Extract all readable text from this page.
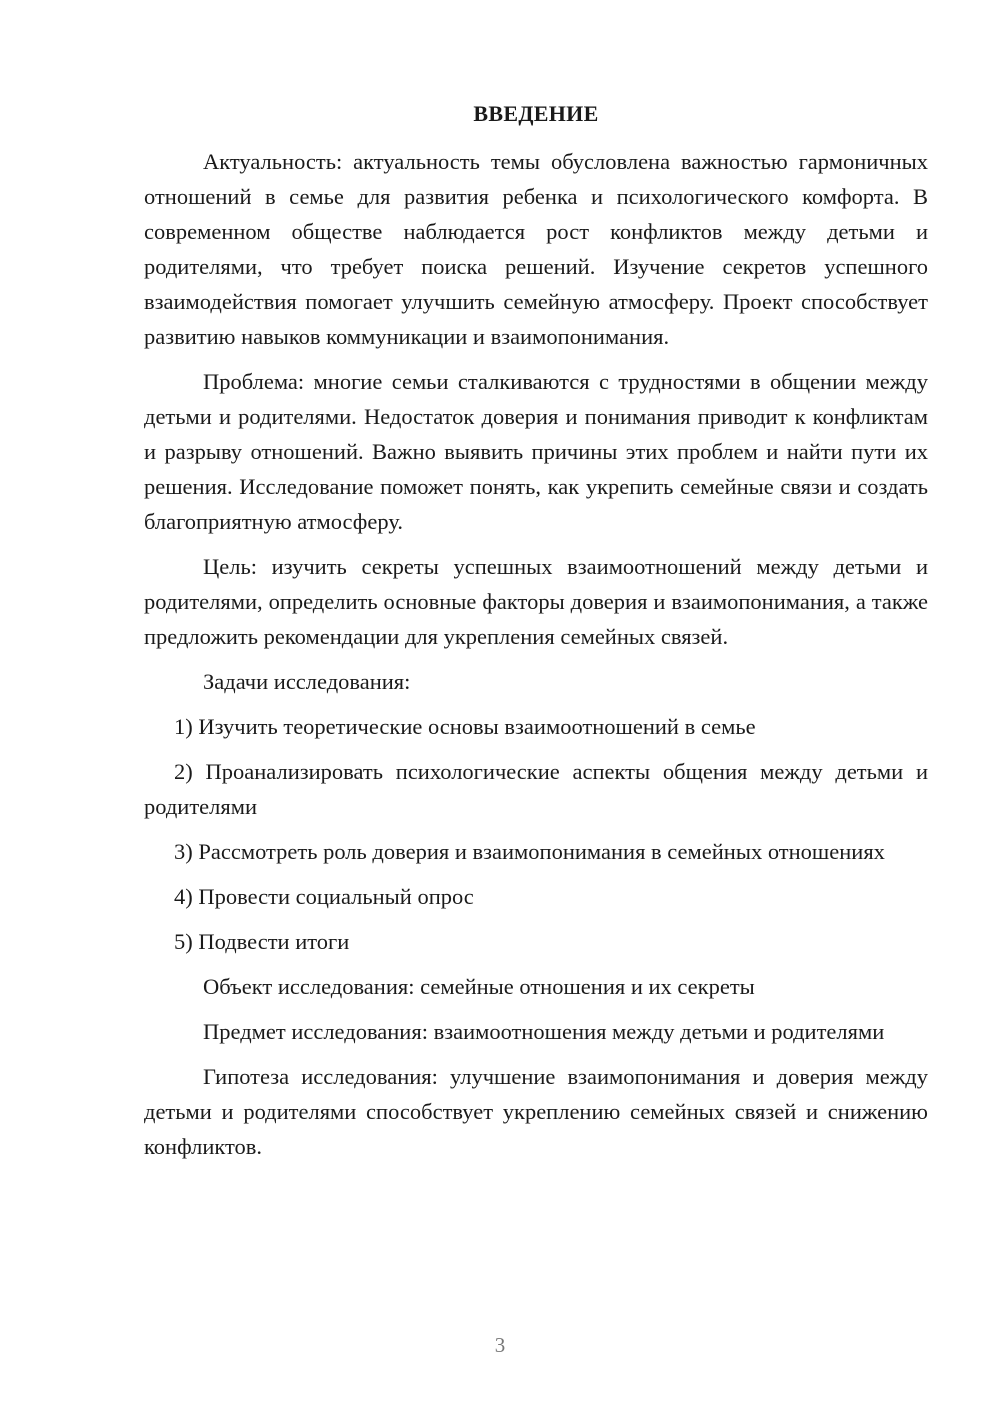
ВВЕДЕНИЕ

Актуальность: актуальность темы обусловлена важностью гармоничных отношений в семье для развития ребенка и психологического комфорта. В современном обществе наблюдается рост конфликтов между детьми и родителями, что требует поиска решений. Изучение секретов успешного взаимодействия помогает улучшить семейную атмосферу. Проект способствует развитию навыков коммуникации и взаимопонимания.

Проблема: многие семьи сталкиваются с трудностями в общении между детьми и родителями. Недостаток доверия и понимания приводит к конфликтам и разрыву отношений. Важно выявить причины этих проблем и найти пути их решения. Исследование поможет понять, как укрепить семейные связи и создать благоприятную атмосферу.

Цель: изучить секреты успешных взаимоотношений между детьми и родителями, определить основные факторы доверия и взаимопонимания, а также предложить рекомендации для укрепления семейных связей.

Задачи исследования:

1) Изучить теоретические основы взаимоотношений в семье

2) Проанализировать психологические аспекты общения между детьми и родителями

3) Рассмотреть роль доверия и взаимопонимания в семейных отношениях

4) Провести социальный опрос

5) Подвести итоги

Объект исследования: семейные отношения и их секреты

Предмет исследования: взаимоотношения между детьми и родителями

Гипотеза исследования: улучшение взаимопонимания и доверия между детьми и родителями способствует укреплению семейных связей и снижению конфликтов.

3
